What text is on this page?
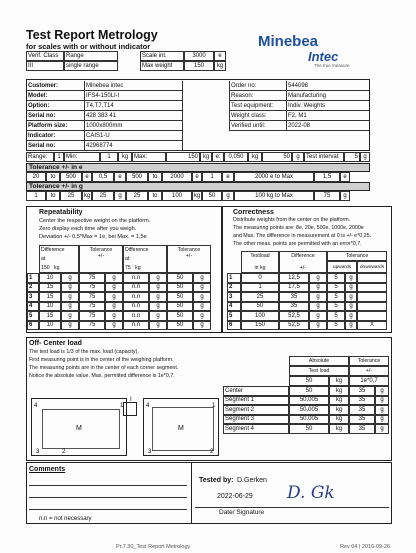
Test Report Metrology
for scales with or without indicator
Verif. Class	Range	Scale int.	3000	e
III	single range	Max weight	150	kg
Minebea
Intec
The true measure
Customer:	Minebea intec
Model:	IFS4-150LI-I
Option:	T4,T7,T14
Serial no:	428 383 41
Platform size:	1000x800mm
Indicator:	CAIS1-U
Serial no:	42968774
Order no:	544098
Reason:	Manufacturing
Test equipment:	Indiv. Weights
Weight class:	F2, M1
Verified until:	2022-08
Range:	1 Min:	1	kg Max:	150 kg	e:	0,050	kg	50	g	Test interval:	5 g
Tolerance +/- in e
20	to	500	e	0,5	e	500	to	2000	e	1	e	2000 e to Max	1,5	e
Tolerance +/- in g
1	to	25	kg	25	g	25	to	100	kg	50	g	100 kg to Max	75	g
Repeatability
Center the respective weight on the platform.
Zero display each time after you weigh.
Deviation +/- 0,5*Max = 1e, bei Max. = 1,5e
Difference
at
150 kg
Tolerance
+/-
Difference
at
75 kg
Tolerance
+/-
1	10	g	75	g	n.n	g	50	g
2	15	g	75	g	n.n	g	50	g
3	15	g	75	g	n.n	g	50	g
4	10	g	75	g	n.n	g	50	g
5	15	g	75	g	n.n	g	50	g
6	10	g	75	g	n.n	g	50	g
Correctness
Distribute weights from the center on the platform.
The measuring points are: 8e, 20e, 500e, 1000e, 2000e
and Max. The difference in measurement at 0 is +/- e*0,25.
The other meas. points are permitted with an error*0,7.
Testload
in kg
Difference
+/-
Tolerance
upwards	downwards
1	0	12,5	g	5	g
2	1	17,5	g	5	g
3	25	35	g	5	g
4	50	35	g	5	g
5	100	52,5	g	5	g
6	150	52,5	g	5	g	X
Off- Center load
The test load is 1/3 of the max. load (capacity).
First measuring point is in the center of the weighing platform.
The measuring points are in the center of each corner segment.
Notice the absolute value. Max. permitted difference is 1e*0,7.
4	1
M
3	2
I
4	1
M
3	2
Absolute	Tolerance
Test load	+/-
50	kg	1e*0,7
Center	50	kg	35	g
Segment 1	50,005	kg	35	g
Segment 2	50,005	kg	35	g
Segment 3	50,005	kg	35	g
Segment 4	50	kg	35	g
Comments
n.n = not necessary
Tested by: D.Gerken
2022-06-29 D. Gk
Date/ Signature
Pr.7.30_Test Report Metrology	Rev 04 | 2016-09-26
